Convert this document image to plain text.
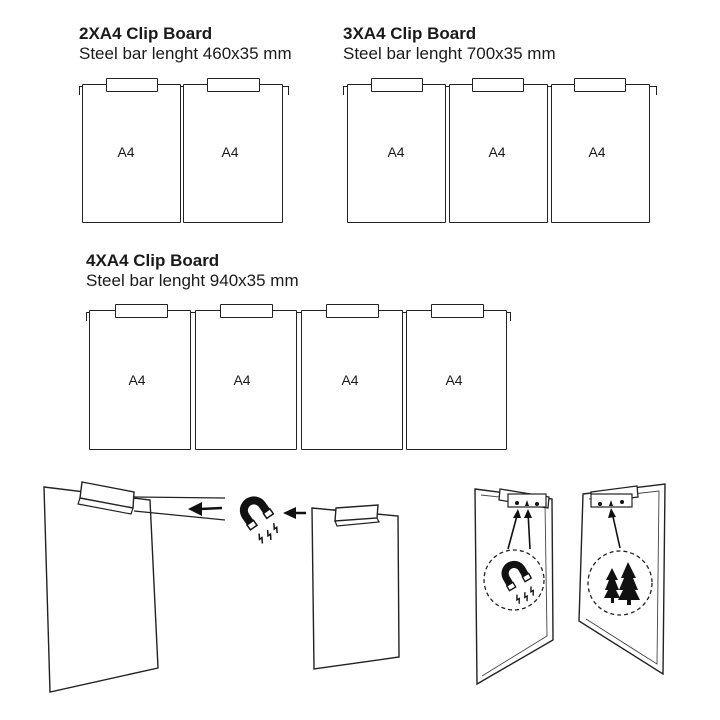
2XA4 Clip Board
Steel bar lenght 460x35 mm
A4	A4
3XA4 Clip Board
Steel bar lenght 700x35 mm
A4	A4	A4
4XA4 Clip Board
Steel bar lenght 940x35 mm
A4	A4	A4	A4
